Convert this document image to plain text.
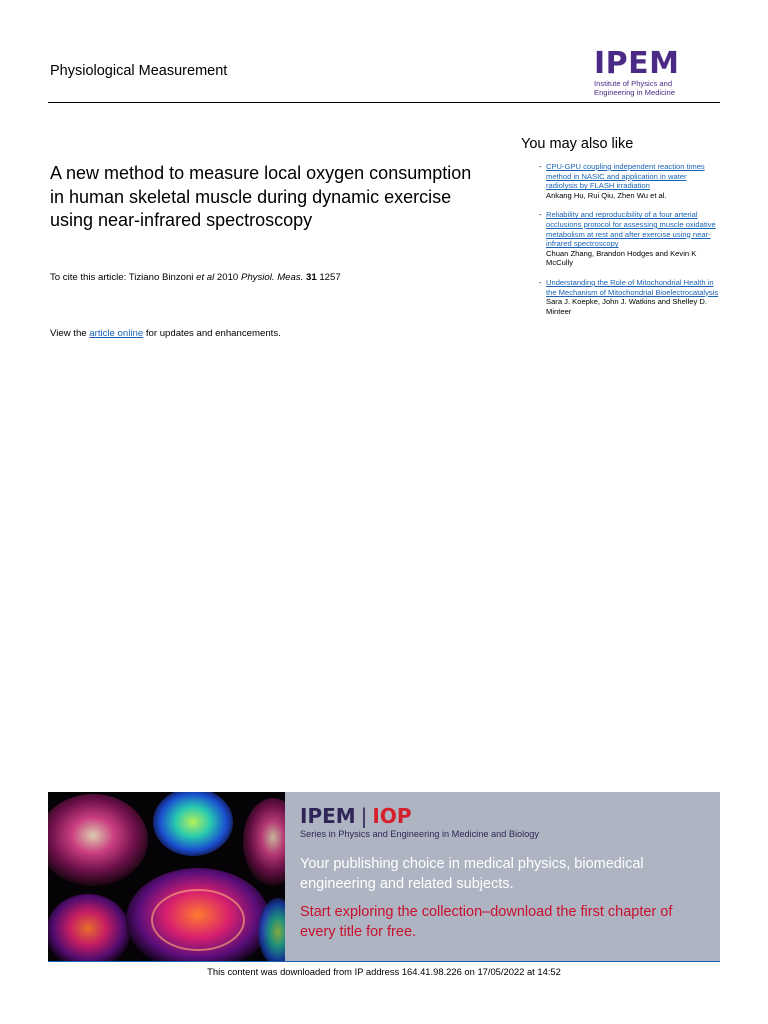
Physiological Measurement	IPEM
Institute of Physics and
Engineering in Medicine
A new method to measure local oxygen consumption in human skeletal muscle during dynamic exercise using near-infrared spectroscopy
To cite this article: Tiziano Binzoni et al 2010 Physiol. Meas. 31 1257
View the article online for updates and enhancements.
You may also like
- CPU-GPU coupling independent reaction times method in NASIC and application in water radiolysis by FLASH irradiation
Ankang Hu, Rui Qiu, Zhen Wu et al.
- Reliability and reproducibility of a four arterial occlusions protocol for assessing muscle oxidative metabolism at rest and after exercise using near-infrared spectroscopy
Chuan Zhang, Brandon Hodges and Kevin K McCully
- Understanding the Role of Mitochondrial Health in the Mechanism of Mitochondrial Bioelectrocatalysis
Sara J. Koepke, John J. Watkins and Shelley D. Minteer
IPEM | IOP
Series in Physics and Engineering in Medicine and Biology
Your publishing choice in medical physics, biomedical engineering and related subjects.
Start exploring the collection–download the first chapter of every title for free.
This content was downloaded from IP address 164.41.98.226 on 17/05/2022 at 14:52
